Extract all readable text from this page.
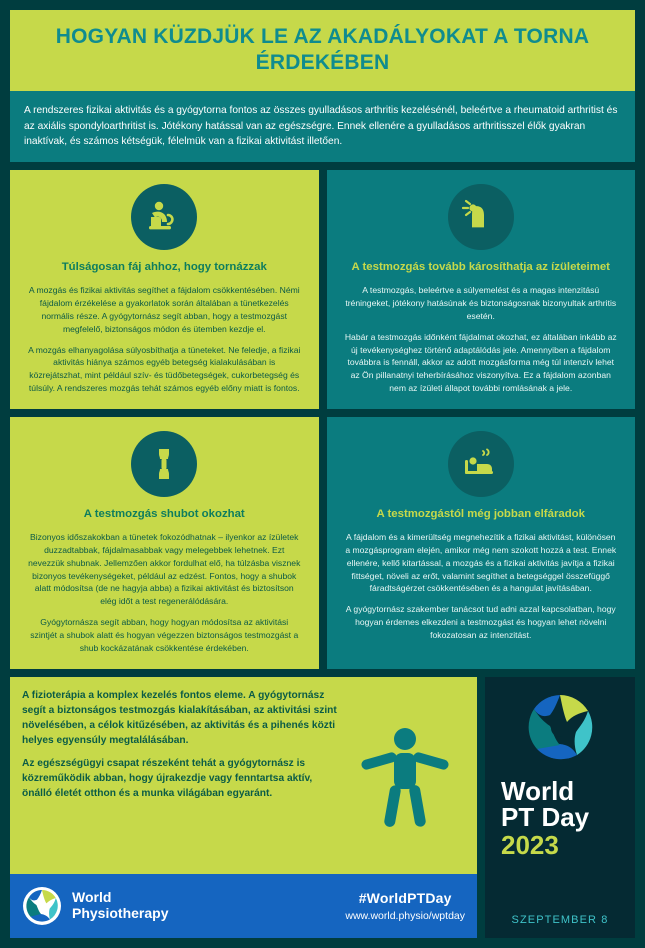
HOGYAN KÜZDJÜK LE AZ AKADÁLYOKAT A TORNA ÉRDEKÉBEN
A rendszeres fizikai aktivitás és a gyógytorna fontos az összes gyulladásos arthritis kezelésénél, beleértve a rheumatoid arthritist és az axiális spondyloarthritist is. Jótékony hatással van az egészségre. Ennek ellenére a gyulladásos arthritisszel élők gyakran inaktívak, és számos kétségük, félelmük van a fizikai aktivitást illetően.
Túlságosan fáj ahhoz, hogy tornázzak

A mozgás és fizikai aktivitás segíthet a fájdalom csökkentésében. Némi fájdalom érzékelése a gyakorlatok során általában a tünetkezelés normális része. A gyógytornász segít abban, hogy a testmozgást megfelelő, biztonságos módon és ütemben kezdje el.

A mozgás elhanyagolása súlyosbíthatja a tüneteket. Ne feledje, a fizikai aktivitás hiánya számos egyéb betegség kialakulásában is közrejátszhat, mint például szív- és tüdőbetegségek, cukorbetegség és túlsúly. A rendszeres mozgás tehát számos egyéb előny miatt is fontos.

A testmozgás tovább károsíthatja az ízületeimet

A testmozgás, beleértve a súlyemelést és a magas intenzitású tréningeket, jótékony hatásúnak és biztonságosnak bizonyultak arthritis esetén.

Habár a testmozgás időnként fájdalmat okozhat, ez általában inkább az új tevékenységhez történő adaptálódás jele. Amennyiben a fájdalom továbbra is fennáll, akkor az adott mozgásforma még túl intenzív lehet az Ön pillanatnyi teherbírásához viszonyítva. Ez a fájdalom azonban nem az ízületi állapot további romlásának a jele.

A testmozgás shubot okozhat

Bizonyos időszakokban a tünetek fokozódhatnak – ilyenkor az ízületek duzzadtabbak, fájdalmasabbak vagy melegebbek lehetnek. Ezt nevezzük shubnak. Jellemzően akkor fordulhat elő, ha túlzásba visznek bizonyos tevékenységeket, például az edzést. Fontos, hogy a shubok alatt módosítsa (de ne hagyja abba) a fizikai aktivitást és biztosítson elég időt a test regenerálódására.

Gyógytornásza segít abban, hogy hogyan módosítsa az aktivitási szintjét a shubok alatt és hogyan végezzen biztonságos testmozgást a shub kockázatának csökkentése érdekében.

A testmozgástól még jobban elfáradok

A fájdalom és a kimerültség megnehezítik a fizikai aktivitást, különösen a mozgásprogram elején, amikor még nem szokott hozzá a test. Ennek ellenére, kellő kitartással, a mozgás és a fizikai aktivitás javítja a fizikai fittséget, növeli az erőt, valamint segíthet a betegséggel összefüggő fáradtságérzet csökkentésében és a hangulat javításában.

A gyógytornász szakember tanácsot tud adni azzal kapcsolatban, hogy hogyan érdemes elkezdeni a testmozgást és hogyan lehet növelni fokozatosan az intenzitást.

A fizioterápia a komplex kezelés fontos eleme. A gyógytornász segít a biztonságos testmozgás kialakításában, az aktivitási szint növelésében, a célok kitűzésében, az aktivitás és a pihenés közti helyes egyensúly megtalálásában.

Az egészségügyi csapat részeként tehát a gyógytornász is közreműködik abban, hogy újrakezdje vagy fenntartsa aktív, önálló életét otthon és a munka világában egyaránt.

World
Physiotherapy
#WorldPTDay
www.world.physio/wptday
World
PT Day
2023
SZEPTEMBER 8
